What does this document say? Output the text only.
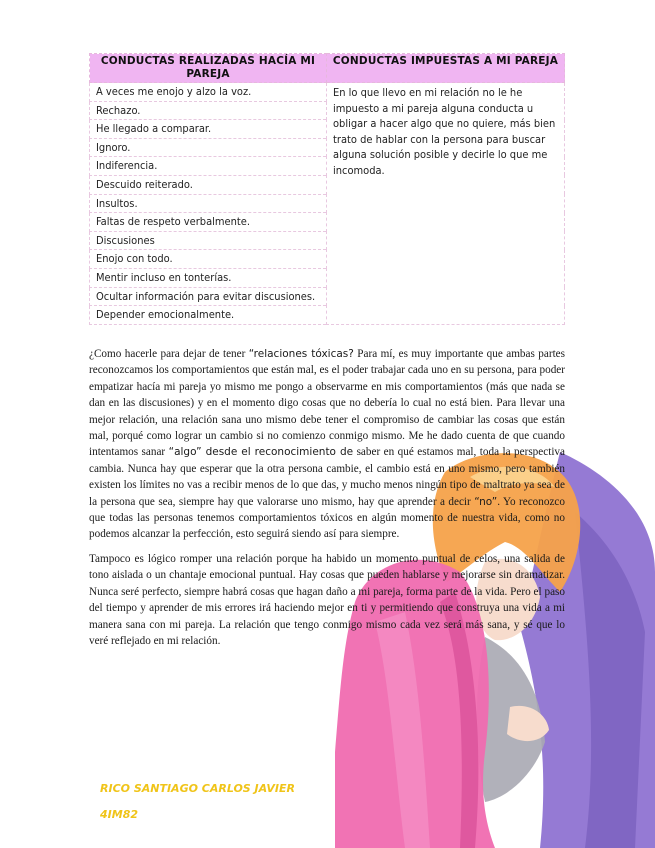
CONDUCTAS REALIZADAS HACÍA MI PAREJA	CONDUCTAS IMPUESTAS A MI PAREJA
A veces me enojo y alzo la voz.	En lo que llevo en mi relación no le he impuesto a mi pareja alguna conducta u obligar a hacer algo que no quiere, más bien trato de hablar con la persona para buscar alguna solución posible y decirle lo que me incomoda.
Rechazo.	
He llegado a comparar.	
Ignoro.	
Indiferencia.	
Descuido reiterado.	
Insultos.	
Faltas de respeto verbalmente.	
Discusiones	
Enojo con todo.	
Mentir incluso en tonterías.	
Ocultar información para evitar discusiones.	
Depender emocionalmente.	

¿Como hacerle para dejar de tener “relaciones tóxicas? Para mí, es muy importante que ambas partes reconozcamos los comportamientos que están mal, es el poder trabajar cada uno en su persona, para poder empatizar hacía mi pareja yo mismo me pongo a observarme en mis comportamientos (más que nada se dan en las discusiones) y en el momento digo cosas que no debería lo cual no está bien. Para llevar una mejor relación, una relación sana uno mismo debe tener el compromiso de cambiar las cosas que están mal, porqué como lograr un cambio si no comienzo conmigo mismo. Me he dado cuenta de que cuando intentamos sanar “algo” desde el reconocimiento de saber en qué estamos mal, toda la perspectiva cambia. Nunca hay que esperar que la otra persona cambie, el cambio está en uno mismo, pero también existen los límites no vas a recibir menos de lo que das, y mucho menos ningún tipo de maltrato ya sea de la persona que sea, siempre hay que valorarse uno mismo, hay que aprender a decir “no”. Yo reconozco que todas las personas tenemos comportamientos tóxicos en algún momento de nuestra vida, como no podemos alcanzar la perfección, esto seguirá siendo así para siempre.

Tampoco es lógico romper una relación porque ha habido un momento puntual de celos, una salida de tono aislada o un chantaje emocional puntual. Hay cosas que pueden hablarse y mejorarse sin dramatizar. Nunca seré perfecto, siempre habrá cosas que hagan daño a mi pareja, forma parte de la vida. Pero el paso del tiempo y aprender de mis errores irá haciendo mejor en ti y permitiendo que construya una vida a mi manera sana con mi pareja. La relación que tengo conmigo mismo cada vez será más sana, y sé que lo veré reflejado en mi relación.

RICO SANTIAGO CARLOS JAVIER
4IM82
